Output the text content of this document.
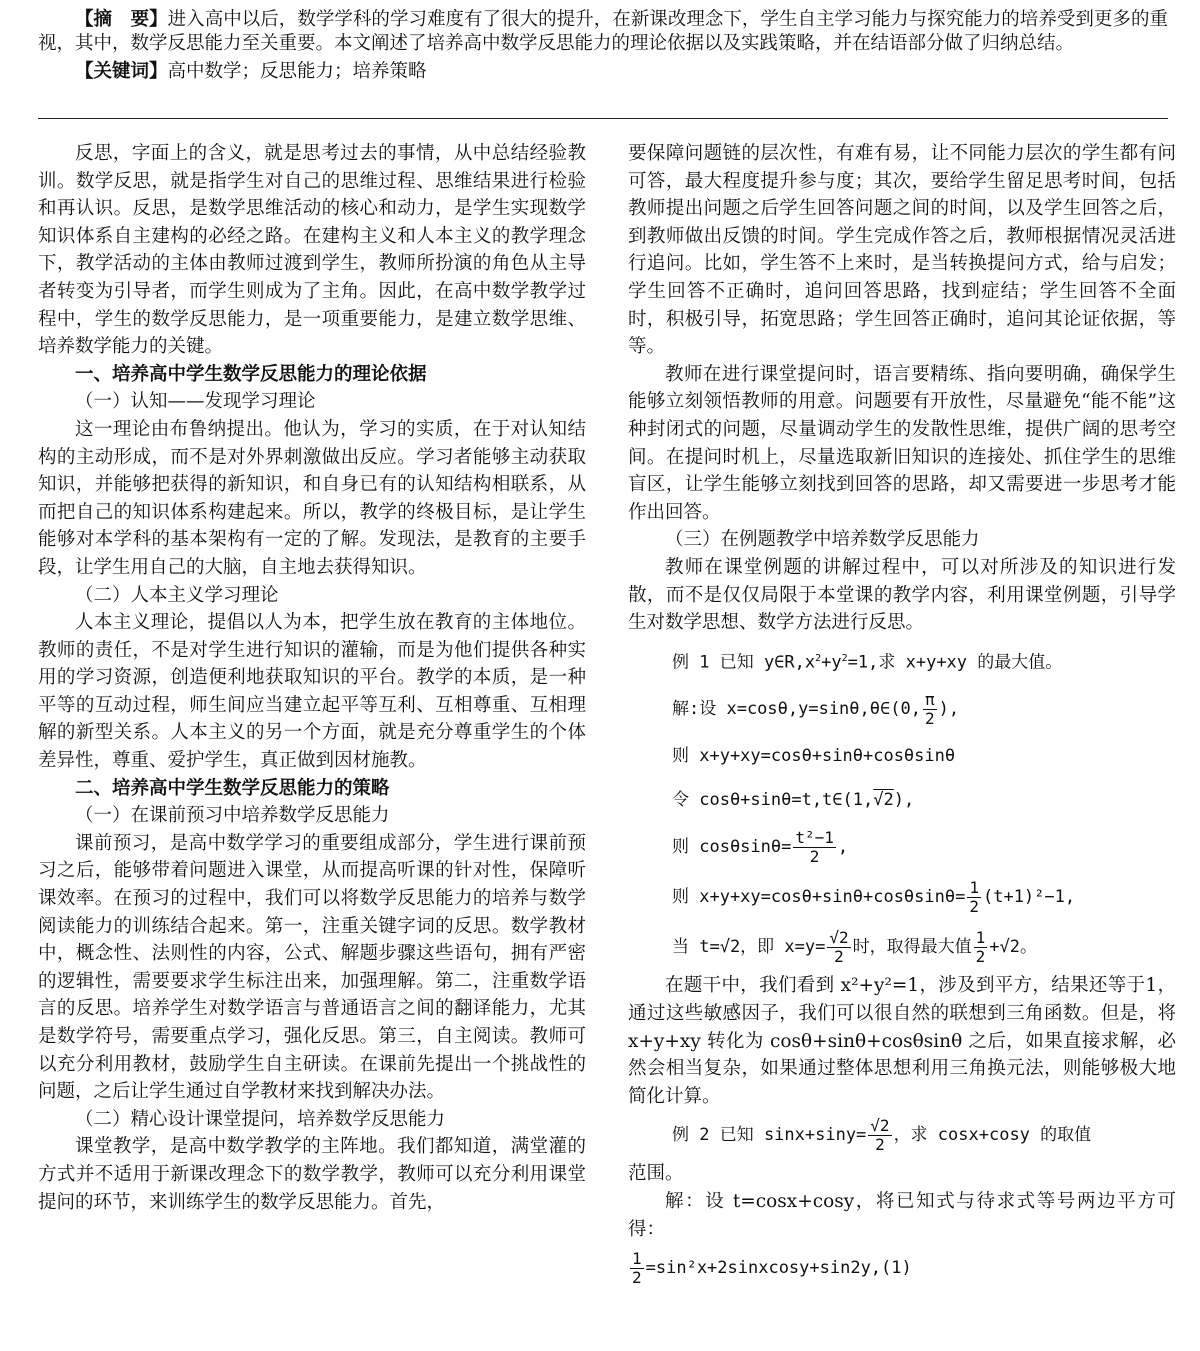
【摘　要】进入高中以后，数学学科的学习难度有了很大的提升，在新课改理念下，学生自主学习能力与探究能力的培养受到更多的重视，其中，数学反思能力至关重要。本文阐述了培养高中数学反思能力的理论依据以及实践策略，并在结语部分做了归纳总结。

【关键词】高中数学；反思能力；培养策略

反思，字面上的含义，就是思考过去的事情，从中总结经验教训。数学反思，就是指学生对自己的思维过程、思维结果进行检验和再认识。反思，是数学思维活动的核心和动力，是学生实现数学知识体系自主建构的必经之路。在建构主义和人本主义的教学理念下，教学活动的主体由教师过渡到学生，教师所扮演的角色从主导者转变为引导者，而学生则成为了主角。因此，在高中数学教学过程中，学生的数学反思能力，是一项重要能力，是建立数学思维、培养数学能力的关键。

一、培养高中学生数学反思能力的理论依据
（一）认知——发现学习理论

这一理论由布鲁纳提出。他认为，学习的实质，在于对认知结构的主动形成，而不是对外界刺激做出反应。学习者能够主动获取知识，并能够把获得的新知识，和自身已有的认知结构相联系，从而把自己的知识体系构建起来。所以，教学的终极目标，是让学生能够对本学科的基本架构有一定的了解。发现法，是教育的主要手段，让学生用自己的大脑，自主地去获得知识。

（二）人本主义学习理论

人本主义理论，提倡以人为本，把学生放在教育的主体地位。教师的责任，不是对学生进行知识的灌输，而是为他们提供各种实用的学习资源，创造便利地获取知识的平台。教学的本质，是一种平等的互动过程，师生间应当建立起平等互利、互相尊重、互相理解的新型关系。人本主义的另一个方面，就是充分尊重学生的个体差异性，尊重、爱护学生，真正做到因材施教。

二、培养高中学生数学反思能力的策略
（一）在课前预习中培养数学反思能力

课前预习，是高中数学学习的重要组成部分，学生进行课前预习之后，能够带着问题进入课堂，从而提高听课的针对性，保障听课效率。在预习的过程中，我们可以将数学反思能力的培养与数学阅读能力的训练结合起来。第一，注重关键字词的反思。数学教材中，概念性、法则性的内容，公式、解题步骤这些语句，拥有严密的逻辑性，需要要求学生标注出来，加强理解。第二，注重数学语言的反思。培养学生对数学语言与普通语言之间的翻译能力，尤其是数学符号，需要重点学习，强化反思。第三，自主阅读。教师可以充分利用教材，鼓励学生自主研读。在课前先提出一个挑战性的问题，之后让学生通过自学教材来找到解决办法。

（二）精心设计课堂提问，培养数学反思能力

课堂教学，是高中数学教学的主阵地。我们都知道，满堂灌的方式并不适用于新课改理念下的数学教学，教师可以充分利用课堂提问的环节，来训练学生的数学反思能力。首先，

要保障问题链的层次性，有难有易，让不同能力层次的学生都有问可答，最大程度提升参与度；其次，要给学生留足思考时间，包括教师提出问题之后学生回答问题之间的时间，以及学生回答之后，到教师做出反馈的时间。学生完成作答之后，教师根据情况灵活进行追问。比如，学生答不上来时，是当转换提问方式，给与启发；学生回答不正确时，追问回答思路，找到症结；学生回答不全面时，积极引导，拓宽思路；学生回答正确时，追问其论证依据，等等。

教师在进行课堂提问时，语言要精练、指向要明确，确保学生能够立刻领悟教师的用意。问题要有开放性，尽量避免“能不能”这种封闭式的问题，尽量调动学生的发散性思维，提供广阔的思考空间。在提问时机上，尽量选取新旧知识的连接处、抓住学生的思维盲区，让学生能够立刻找到回答的思路，却又需要进一步思考才能作出回答。

（三）在例题教学中培养数学反思能力

教师在课堂例题的讲解过程中，可以对所涉及的知识进行发散，而不是仅仅局限于本堂课的教学内容，利用课堂例题，引导学生对数学思想、数学方法进行反思。

例 1 已知 $y\in R,x^2+y^2=1$,求 x+y+xy 的最大值。
解:设 x=cosθ,y=sinθ,θ∈(0, $\frac{\pi}{2}$ ),
则 x+y+xy=cosθ+sinθ+cosθsinθ
令 cosθ+sinθ=t,t∈(1,√2),
则 $\cos\theta\sin\theta= \frac{\text{t²−1}}{2}$ ,
则 $x+y+xy=\cos\theta+\sin\theta+\cos\theta\sin\theta= \frac{1}{2} (t+1)^2-1$,
当 t=√2，即 $x=y= \frac{√2}{2}$ 时，取得最大值 $\frac{1}{2} +√2$。

在题干中，我们看到 x²+y²=1，涉及到平方，结果还等于1，通过这些敏感因子，我们可以很自然的联想到三角函数。但是，将 x+y+xy 转化为 cosθ+sinθ+cosθsinθ 之后，如果直接求解，必然会相当复杂，如果通过整体思想利用三角换元法，则能够极大地简化计算。

例 2 已知 $\sin x+\sin y= \frac{√2}{2}$ ，求 cosx+cosy 的取值

范围。

解：设 t=cosx+cosy，将已知式与待求式等号两边平方可得：

$\frac{1}{2}$ =sin²x+2sinxcosy+sin2y,(1)
